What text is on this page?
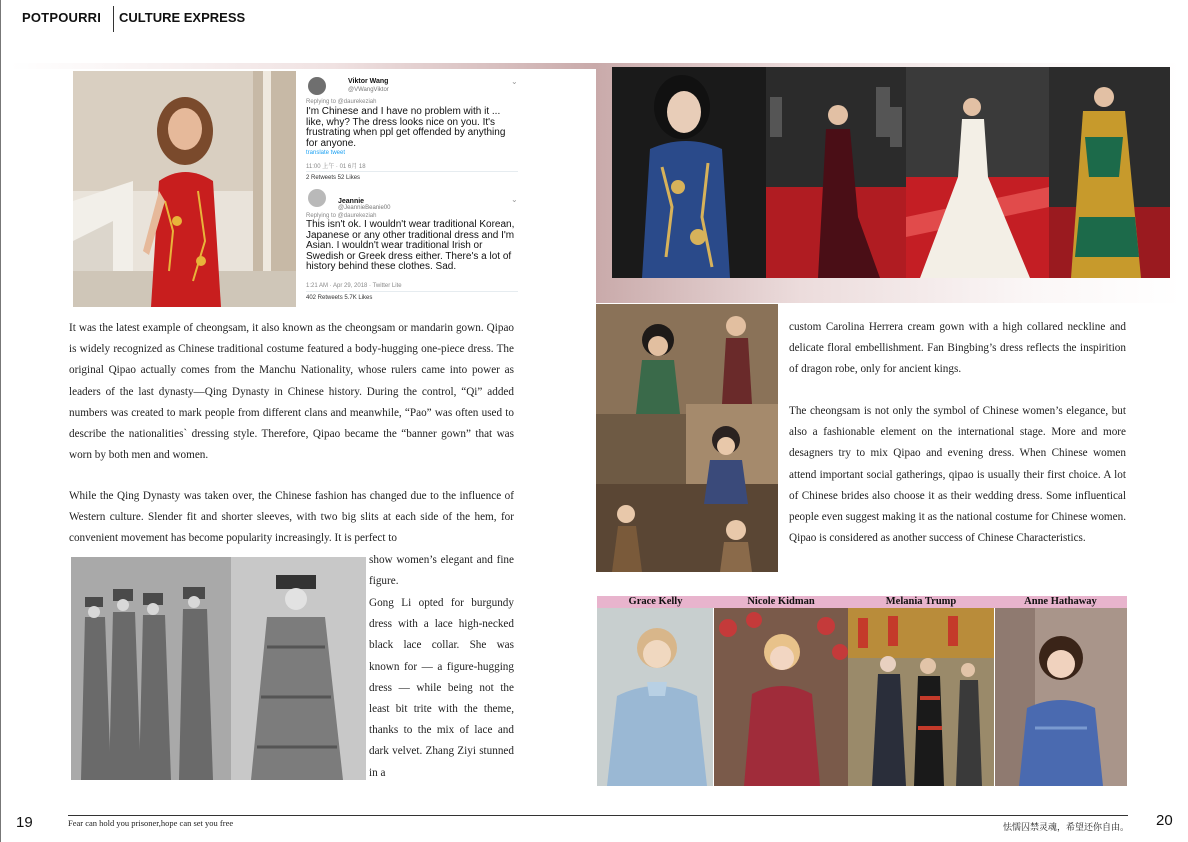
POTPOURRI CULTURE EXPRESS
Viktor Wang
@VWangViktor
⌄
Replying to @daurekeziah
I'm Chinese and I have no problem with it ... like, why? The dress looks nice on you. It's frustrating when ppl get offended by anything for anyone.
translate tweet
11:00 上午 · 01 6月 18
2 Retweets 52 Likes
Jeannie
@JeannieBeanie00
⌄
Replying to @daurekeziah
This isn't ok. I wouldn't wear traditional Korean, Japanese or any other traditional dress and I'm Asian. I wouldn't wear traditional Irish or Swedish or Greek dress either. There's a lot of history behind these clothes. Sad.
1:21 AM · Apr 29, 2018 · Twitter Lite
402 Retweets 5.7K Likes
It was the latest example of cheongsam, it also known as the cheongsam or mandarin gown. Qipao is widely recognized as Chinese traditional costume featured a body-hugging one-piece dress. The original Qipao actually comes from the Manchu Nationality, whose rulers came into power as leaders of the last dynasty—Qing Dynasty in Chinese history. During the control, “Qi” added numbers was created to mark people from different clans and meanwhile, “Pao” was often used to describe the nationalities` dressing style. Therefore, Qipao became the “banner gown” that was worn by both men and women.
While the Qing Dynasty was taken over, the Chinese fashion has changed due to the influence of Western culture. Slender fit and shorter sleeves, with two big slits at each side of the hem, for convenient movement has become popularity increasingly. It is perfect to
show women’s elegant and fine figure.
Gong Li opted for burgundy dress with a lace high-necked black lace collar. She was known for — a figure-hugging dress — while being not the least bit trite with the theme, thanks to the mix of lace and dark velvet. Zhang Ziyi stunned in a
custom Carolina Herrera cream gown with a high collared neckline and delicate floral embellishment. Fan Bingbing’s dress reflects the inspirition of dragon robe, only for ancient kings.
The cheongsam is not only the symbol of Chinese women’s elegance, but also a fashionable element on the international stage. More and more desagners try to mix Qipao and evening dress. When Chinese women attend important social gatherings, qipao is usually their first choice. A lot of Chinese brides also choose it as their wedding dress. Some influentical people even suggest making it as the national costume for Chinese women. Qipao is considered as another success of Chinese Characteristics.
Grace Kelly	Nicole Kidman	Melania Trump	Anne Hathaway
19	Fear can hold you prisoner,hope can set you free	怯懦囚禁灵魂，希望还你自由。 20
